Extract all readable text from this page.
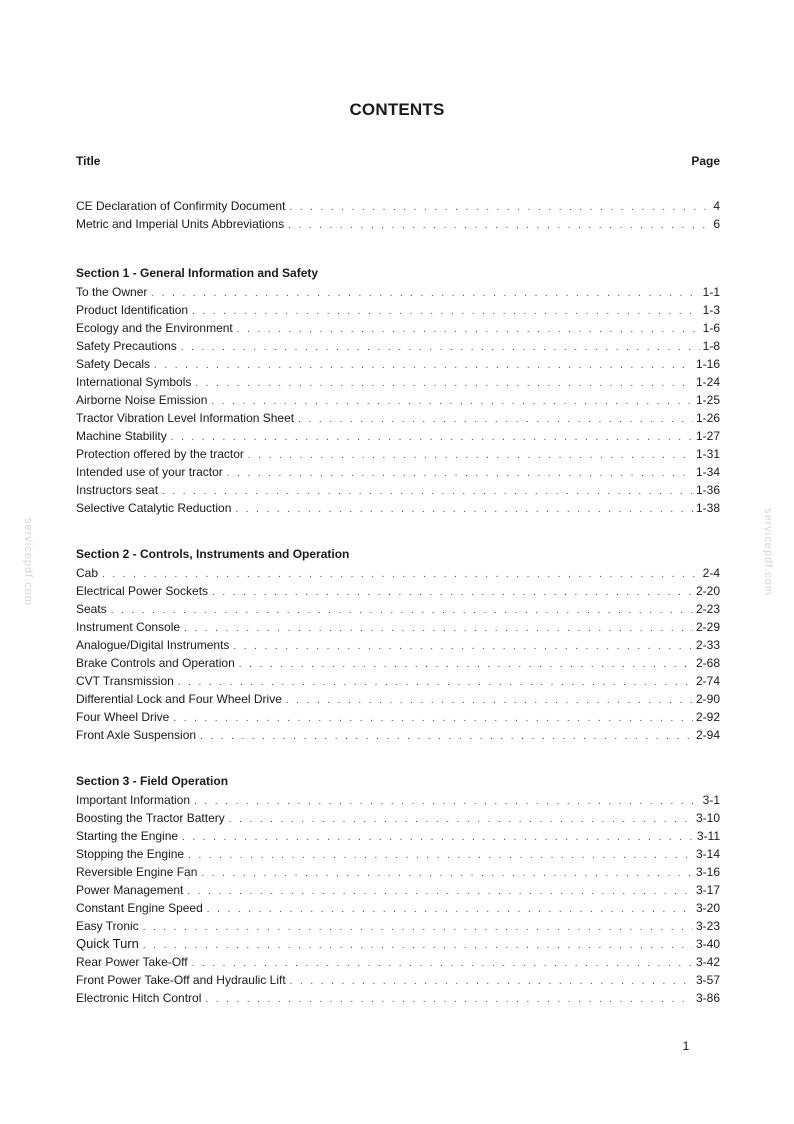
CONTENTS
Title	Page
CE Declaration of Confirmity Document . . .	4
Metric and Imperial Units Abbreviations . . .	6
Section 1 - General Information and Safety
To the Owner . . .	1-1
Product Identification . . .	1-3
Ecology and the Environment . . .	1-6
Safety Precautions . . .	1-8
Safety Decals . . .	1-16
International Symbols . . .	1-24
Airborne Noise Emission . . .	1-25
Tractor Vibration Level Information Sheet . . .	1-26
Machine Stability . . .	1-27
Protection offered by the tractor . . .	1-31
Intended use of your tractor . . .	1-34
Instructors seat . . .	1-36
Selective Catalytic Reduction . . .	1-38
Section 2 - Controls, Instruments and Operation
Cab . . .	2-4
Electrical Power Sockets . . .	2-20
Seats . . .	2-23
Instrument Console . . .	2-29
Analogue/Digital Instruments . . .	2-33
Brake Controls and Operation . . .	2-68
CVT Transmission . . .	2-74
Differential Lock and Four Wheel Drive . . .	2-90
Four Wheel Drive . . .	2-92
Front Axle Suspension . . .	2-94
Section 3 - Field Operation
Important Information . . .	3-1
Boosting the Tractor Battery . . .	3-10
Starting the Engine . . .	3-11
Stopping the Engine . . .	3-14
Reversible Engine Fan . . .	3-16
Power Management . . .	3-17
Constant Engine Speed . . .	3-20
Easy Tronic . . .	3-23
Quick Turn . . .	3-40
Rear Power Take-Off . . .	3-42
Front Power Take-Off and Hydraulic Lift . . .	3-57
Electronic Hitch Control . . .	3-86
servicepdf.com	servicepdf.com
1
